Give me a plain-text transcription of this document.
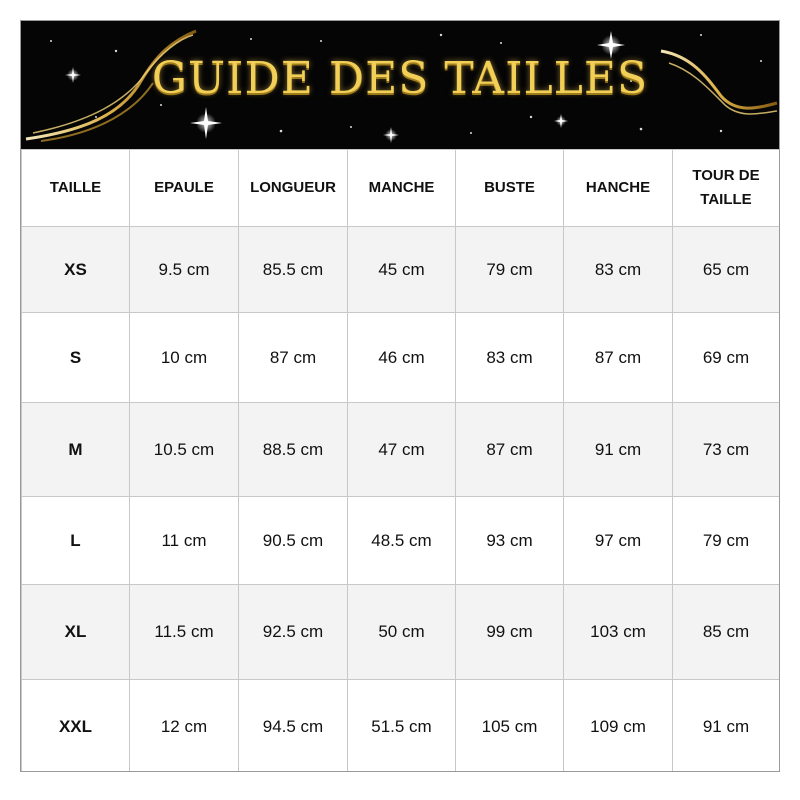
GUIDE DES TAILLES
TAILLE	EPAULE	LONGUEUR	MANCHE	BUSTE	HANCHE	TOUR DE
TAILLE

XS	9.5 cm	85.5 cm	45 cm	79 cm	83 cm	65 cm
S	10 cm	87 cm	46 cm	83 cm	87 cm	69 cm
M	10.5 cm	88.5 cm	47 cm	87 cm	91 cm	73 cm
L	11 cm	90.5 cm	48.5 cm	93 cm	97 cm	79 cm
XL	11.5 cm	92.5 cm	50 cm	99 cm	103 cm	85 cm
XXL	12 cm	94.5 cm	51.5 cm	105 cm	109 cm	91 cm
